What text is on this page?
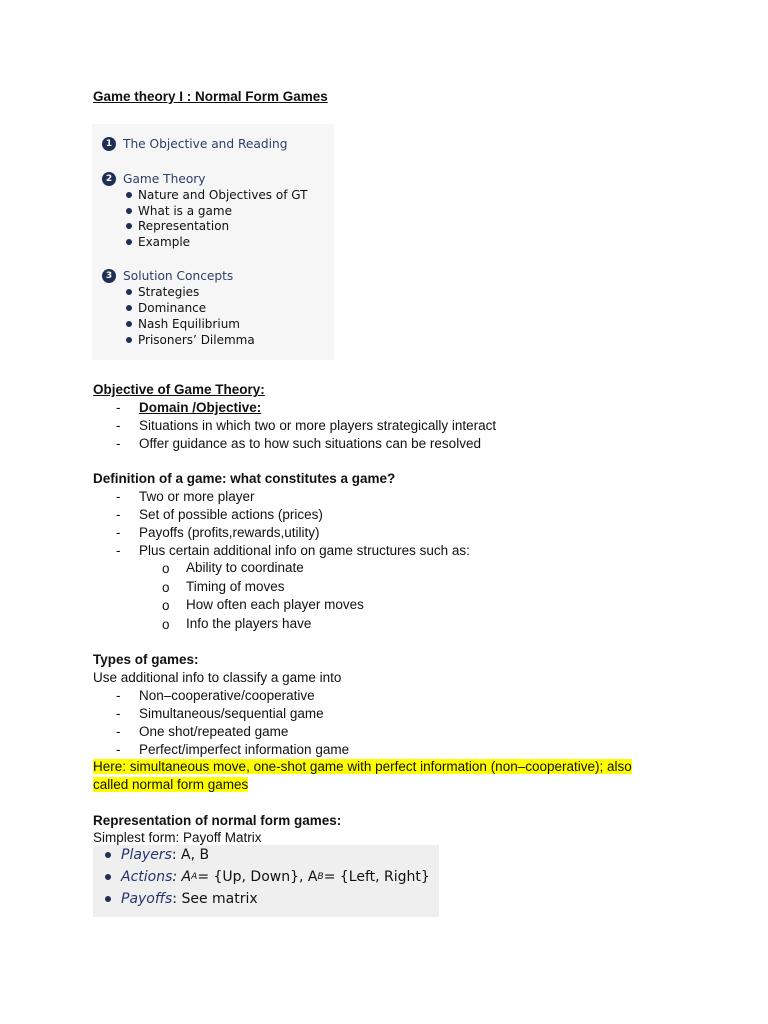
Game theory I : Normal Form Games
1 The Objective and Reading
2 Game Theory
Nature and Objectives of GT
What is a game
Representation
Example
3 Solution Concepts
Strategies
Dominance
Nash Equilibrium
Prisoners’ Dilemma
Objective of Game Theory:
- Domain /Objective:
- Situations in which two or more players strategically interact
- Offer guidance as to how such situations can be resolved
Definition of a game: what constitutes a game?
- Two or more player
- Set of possible actions (prices)
- Payoffs (profits,rewards,utility)
- Plus certain additional info on game structures such as:
o Ability to coordinate
o Timing of moves
o How often each player moves
o Info the players have
Types of games:
Use additional info to classify a game into
- Non–cooperative/cooperative
- Simultaneous/sequential game
- One shot/repeated game
- Perfect/imperfect information game
Here: simultaneous move, one-shot game with perfect information (non–cooperative); also
called normal form games
Representation of normal form games:
Simplest form: Payoff Matrix
Players : A, B
Actions : A A = {Up, Down}, A B = {Left, Right}
Payoffs : See matrix
